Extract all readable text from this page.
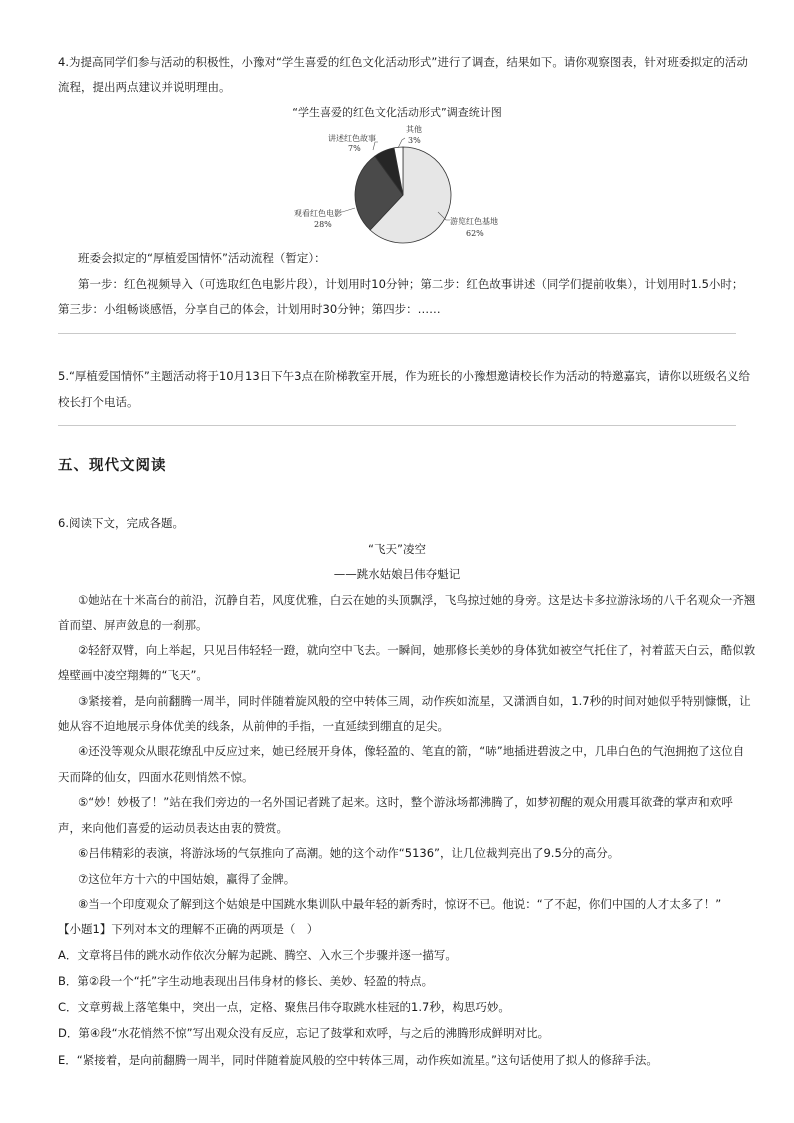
4.为提高同学们参与活动的积极性，小豫对“学生喜爱的红色文化活动形式”进行了调查，结果如下。请你观察图表，针对班委拟定的活动
流程，提出两点建议并说明理由。
“学生喜爱的红色文化活动形式”调查统计图
讲述红色故事
7%
其他
3%
观看红色电影
28%	游览红色基地
62%
班委会拟定的“厚植爱国情怀”活动流程（暂定）：
第一步：红色视频导入（可选取红色电影片段），计划用时10分钟；第二步：红色故事讲述（同学们提前收集），计划用时1.5小时；
第三步：小组畅谈感悟，分享自己的体会，计划用时30分钟；第四步：……
5.“厚植爱国情怀”主题活动将于10月13日下午3点在阶梯教室开展，作为班长的小豫想邀请校长作为活动的特邀嘉宾，请你以班级名义给
校长打个电话。
五、现代文阅读
6.阅读下文，完成各题。
“飞天”凌空
——跳水姑娘吕伟夺魁记
①她站在十米高台的前沿，沉静自若，风度优雅，白云在她的头顶飘浮，飞鸟掠过她的身旁。这是达卡多拉游泳场的八千名观众一齐翘
首而望、屏声敛息的一刹那。
②轻舒双臂，向上举起，只见吕伟轻轻一蹬，就向空中飞去。一瞬间，她那修长美妙的身体犹如被空气托住了，衬着蓝天白云，酷似敦
煌壁画中凌空翔舞的“飞天”。
③紧接着，是向前翻腾一周半，同时伴随着旋风般的空中转体三周，动作疾如流星，又潇洒自如，1.7秒的时间对她似乎特别慷慨，让
她从容不迫地展示身体优美的线条，从前伸的手指，一直延续到绷直的足尖。
④还没等观众从眼花缭乱中反应过来，她已经展开身体，像轻盈的、笔直的箭，“哧”地插进碧波之中，几串白色的气泡拥抱了这位自
天而降的仙女，四面水花则悄然不惊。
⑤“妙！妙极了！”站在我们旁边的一名外国记者跳了起来。这时，整个游泳场都沸腾了，如梦初醒的观众用震耳欲聋的掌声和欢呼
声，来向他们喜爱的运动员表达由衷的赞赏。
⑥吕伟精彩的表演，将游泳场的气氛推向了高潮。她的这个动作“5136”，让几位裁判亮出了9.5分的高分。
⑦这位年方十六的中国姑娘，赢得了金牌。
⑧当一个印度观众了解到这个姑娘是中国跳水集训队中最年轻的新秀时，惊讶不已。他说：“了不起，你们中国的人才太多了！”
【小题1】下列对本文的理解不正确的两项是（　）
A．文章将吕伟的跳水动作依次分解为起跳、腾空、入水三个步骤并逐一描写。
B．第②段一个“托”字生动地表现出吕伟身材的修长、美妙、轻盈的特点。
C．文章剪裁上落笔集中，突出一点，定格、聚焦吕伟夺取跳水桂冠的1.7秒，构思巧妙。
D．第④段“水花悄然不惊”写出观众没有反应，忘记了鼓掌和欢呼，与之后的沸腾形成鲜明对比。
E．“紧接着，是向前翻腾一周半，同时伴随着旋风般的空中转体三周，动作疾如流星。”这句话使用了拟人的修辞手法。
